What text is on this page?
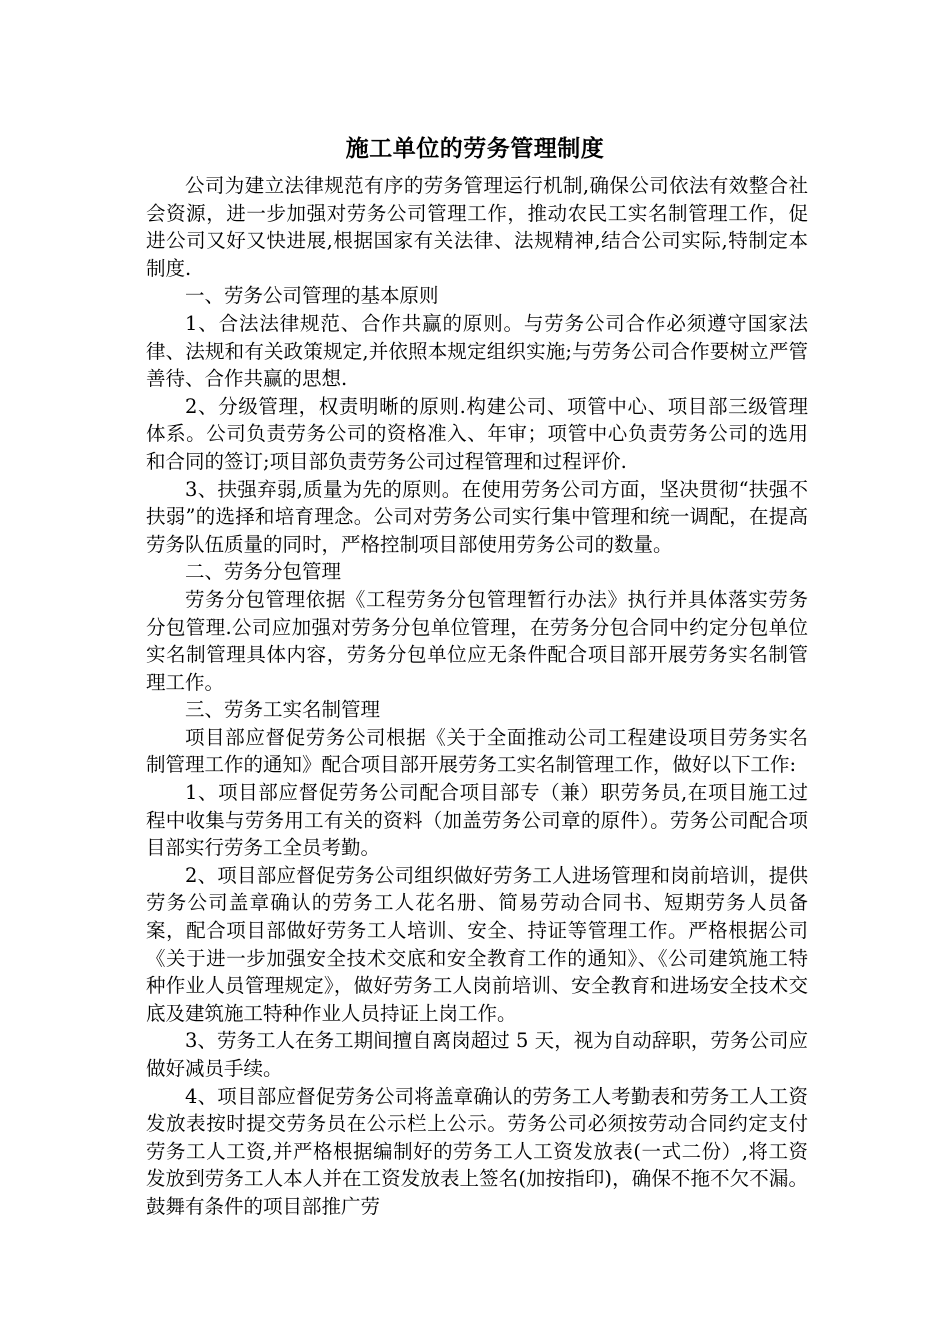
施工单位的劳务管理制度

公司为建立法律规范有序的劳务管理运行机制,确保公司依法有效整合社会资源，进一步加强对劳务公司管理工作，推动农民工实名制管理工作，促进公司又好又快进展,根据国家有关法律、法规精神,结合公司实际,特制定本制度.

一、劳务公司管理的基本原则

1、合法法律规范、合作共赢的原则。与劳务公司合作必须遵守国家法律、法规和有关政策规定,并依照本规定组织实施;与劳务公司合作要树立严管善待、合作共赢的思想.

2、分级管理，权责明晰的原则.构建公司、项管中心、项目部三级管理体系。公司负责劳务公司的资格准入、年审；项管中心负责劳务公司的选用和合同的签订;项目部负责劳务公司过程管理和过程评价.

3、扶强弃弱,质量为先的原则。在使用劳务公司方面，坚决贯彻“扶强不扶弱”的选择和培育理念。公司对劳务公司实行集中管理和统一调配，在提高劳务队伍质量的同时，严格控制项目部使用劳务公司的数量。

二、劳务分包管理

劳务分包管理依据《工程劳务分包管理暂行办法》执行并具体落实劳务分包管理.公司应加强对劳务分包单位管理，在劳务分包合同中约定分包单位实名制管理具体内容，劳务分包单位应无条件配合项目部开展劳务实名制管理工作。

三、劳务工实名制管理

项目部应督促劳务公司根据《关于全面推动公司工程建设项目劳务实名制管理工作的通知》配合项目部开展劳务工实名制管理工作，做好以下工作:

1、项目部应督促劳务公司配合项目部专（兼）职劳务员,在项目施工过程中收集与劳务用工有关的资料（加盖劳务公司章的原件）。劳务公司配合项目部实行劳务工全员考勤。

2、项目部应督促劳务公司组织做好劳务工人进场管理和岗前培训，提供劳务公司盖章确认的劳务工人花名册、简易劳动合同书、短期劳务人员备案，配合项目部做好劳务工人培训、安全、持证等管理工作。严格根据公司《关于进一步加强安全技术交底和安全教育工作的通知》、《公司建筑施工特种作业人员管理规定》，做好劳务工人岗前培训、安全教育和进场安全技术交底及建筑施工特种作业人员持证上岗工作。

3、劳务工人在务工期间擅自离岗超过 5 天，视为自动辞职，劳务公司应做好减员手续。

4、项目部应督促劳务公司将盖章确认的劳务工人考勤表和劳务工人工资发放表按时提交劳务员在公示栏上公示。劳务公司必须按劳动合同约定支付劳务工人工资,并严格根据编制好的劳务工人工资发放表(一式二份）,将工资发放到劳务工人本人并在工资发放表上签名(加按指印)，确保不拖不欠不漏。鼓舞有条件的项目部推广劳
